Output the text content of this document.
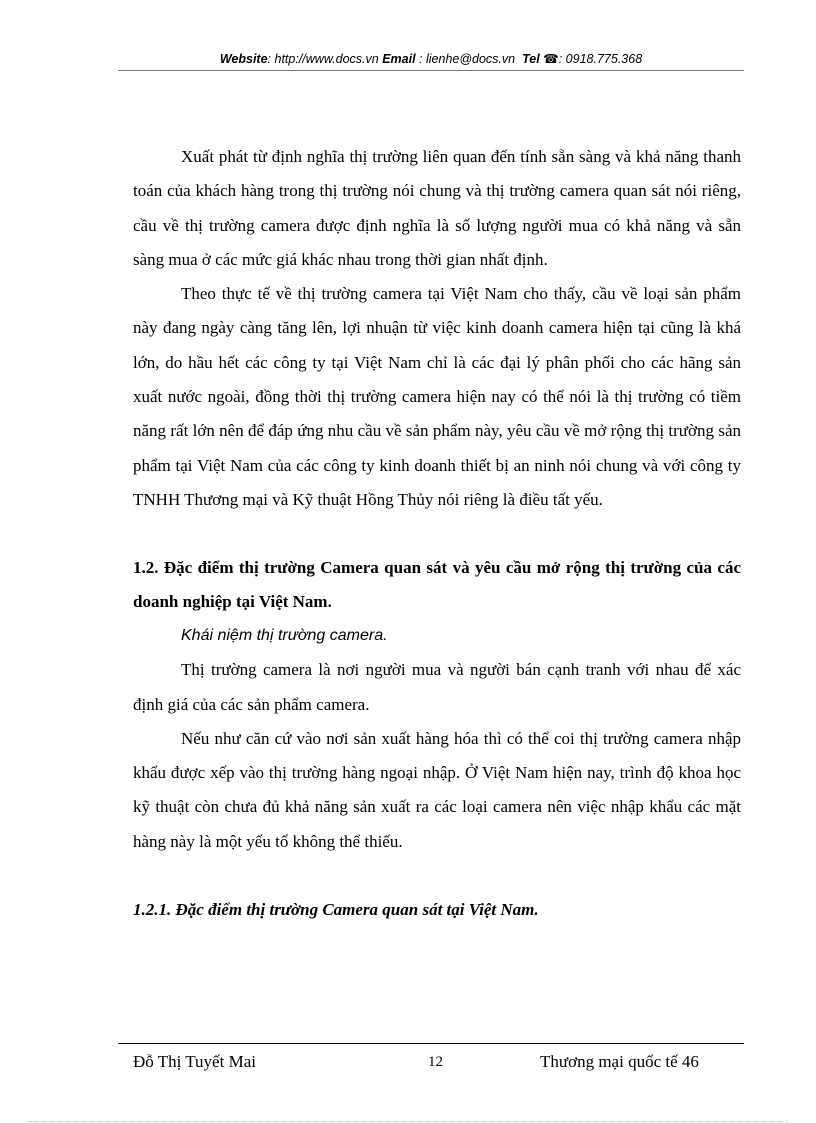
Website: http://www.docs.vn Email : lienhe@docs.vn Tel ☎: 0918.775.368

Xuất phát từ định nghĩa thị trường liên quan đến tính sẵn sàng và khả năng thanh toán của khách hàng trong thị trường nói chung và thị trường camera quan sát nói riêng, cầu về thị trường camera được định nghĩa là số lượng người mua có khả năng và sẵn sàng mua ở các mức giá khác nhau trong thời gian nhất định.

Theo thực tế về thị trường camera tại Việt Nam cho thấy, cầu về loại sản phẩm này đang ngày càng tăng lên, lợi nhuận từ việc kinh doanh camera hiện tại cũng là khá lớn, do hầu hết các công ty tại Việt Nam chỉ là các đại lý phân phối cho các hãng sản xuất nước ngoài, đồng thời thị trường camera hiện nay có thể nói là thị trường có tiềm năng rất lớn nên để đáp ứng nhu cầu về sản phẩm này, yêu cầu về mở rộng thị trường sản phẩm tại Việt Nam của các công ty kinh doanh thiết bị an ninh nói chung và với công ty TNHH Thương mại và Kỹ thuật Hồng Thủy nói riêng là điều tất yếu.

1.2. Đặc điểm thị trường Camera quan sát và yêu cầu mở rộng thị trường của các doanh nghiệp tại Việt Nam.

Khái niệm thị trường camera.

Thị trường camera là nơi người mua và người bán cạnh tranh với nhau để xác định giá của các sản phẩm camera.

Nếu như căn cứ vào nơi sản xuất hàng hóa thì có thể coi thị trường camera nhập khẩu được xếp vào thị trường hàng ngoại nhập. Ở Việt Nam hiện nay, trình độ khoa học kỹ thuật còn chưa đủ khả năng sản xuất ra các loại camera nên việc nhập khẩu các mặt hàng này là một yếu tố không thể thiếu.

1.2.1. Đặc điểm thị trường Camera quan sát tại Việt Nam.

Đỗ Thị Tuyết Mai	12	Thương mại quốc tế 46
